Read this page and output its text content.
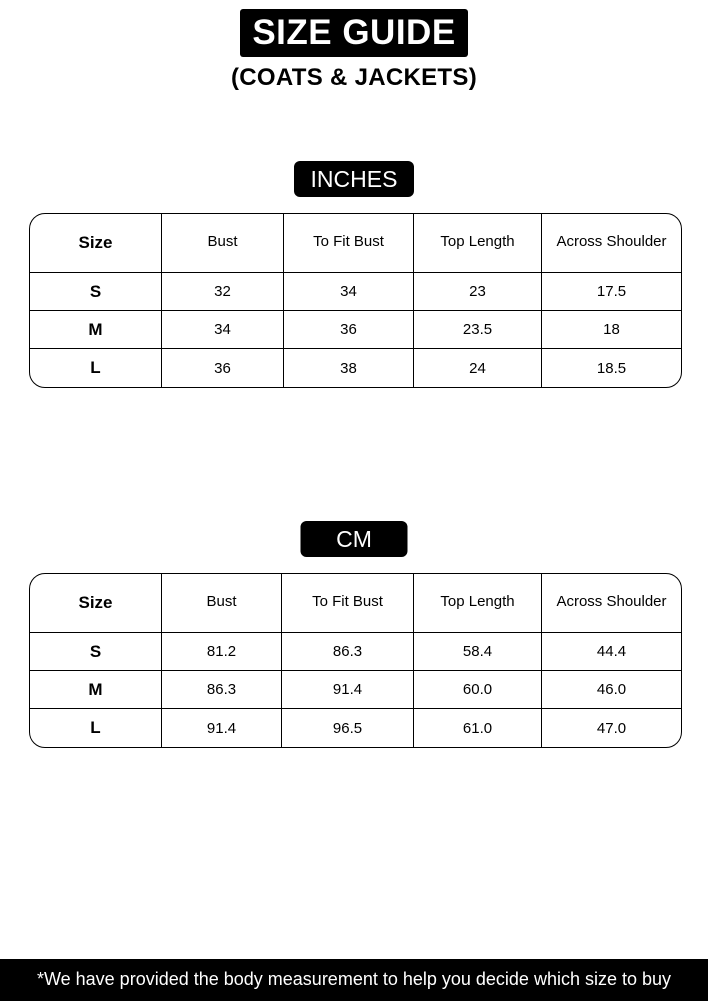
SIZE GUIDE
(COATS & JACKETS)
INCHES
Size	Bust	To Fit Bust	Top Length	Across Shoulder
S	32	34	23	17.5
M	34	36	23.5	18
L	36	38	24	18.5
CM
Size	Bust	To Fit Bust	Top Length	Across Shoulder
S	81.2	86.3	58.4	44.4
M	86.3	91.4	60.0	46.0
L	91.4	96.5	61.0	47.0
*We have provided the body measurement to help you decide which size to buy
